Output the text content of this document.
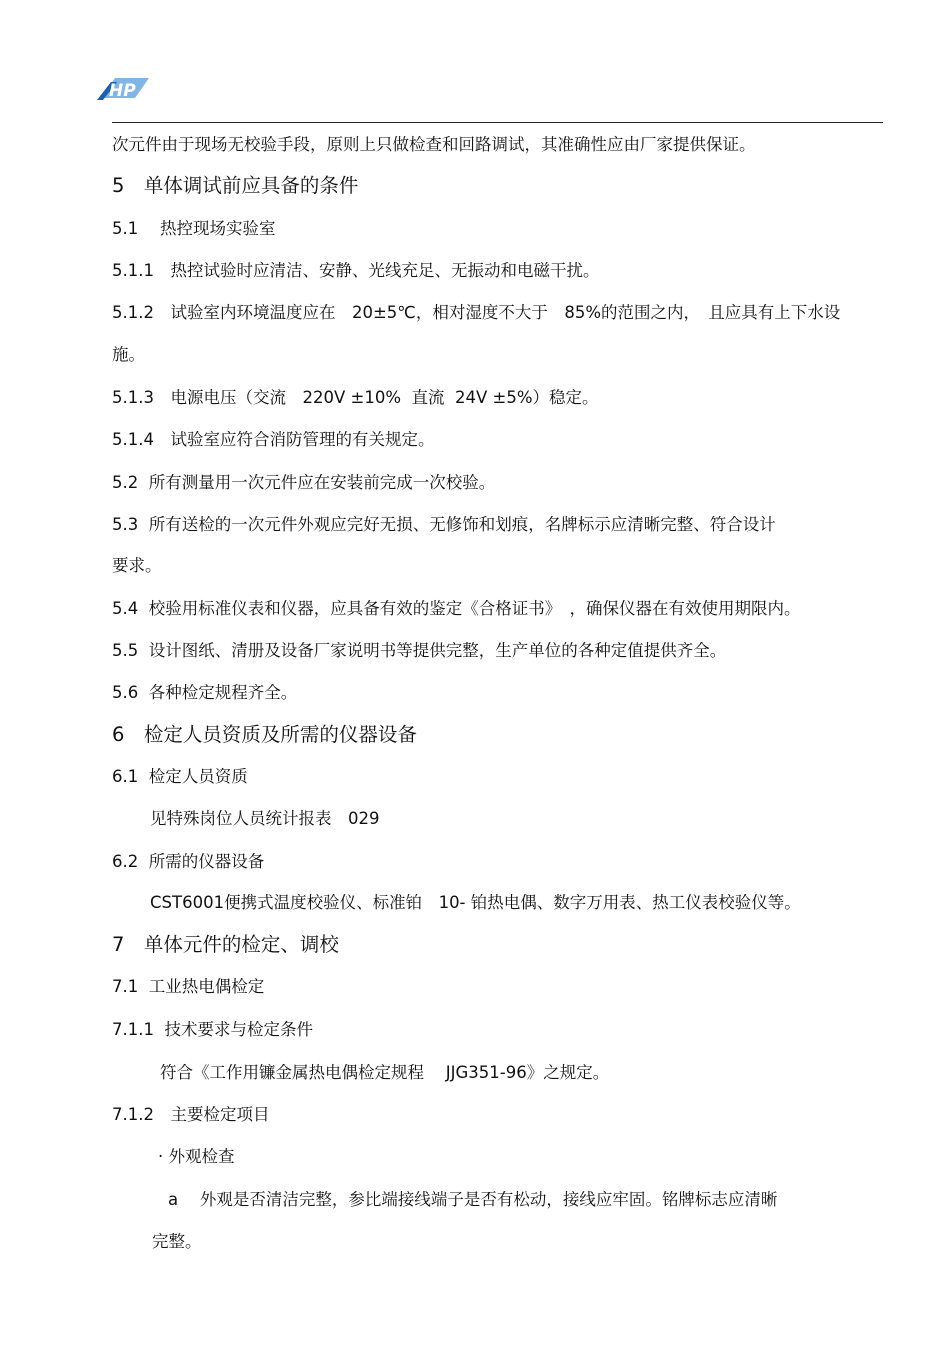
HP
次元件由于现场无校验手段，原则上只做检查和回路调试，其准确性应由厂家提供保证。
5　单体调试前应具备的条件
5.1　 热控现场实验室
5.1.1　热控试验时应清洁、安静、光线充足、无振动和电磁干扰。
5.1.2　试验室内环境温度应在　20±5℃，相对湿度不大于　85%的范围之内，　且应具有上下水设
施。
5.1.3　电源电压（交流　220V ±10%  直流  24V ±5%）稳定。
5.1.4　试验室应符合消防管理的有关规定。
5.2  所有测量用一次元件应在安装前完成一次校验。
5.3  所有送检的一次元件外观应完好无损、无修饰和划痕，名牌标示应清晰完整、符合设计
要求。
5.4  校验用标准仪表和仪器，应具备有效的鉴定《合格证书》　，确保仪器在有效使用期限内。
5.5  设计图纸、清册及设备厂家说明书等提供完整，生产单位的各种定值提供齐全。
5.6  各种检定规程齐全。
6　检定人员资质及所需的仪器设备
6.1  检定人员资质
见特殊岗位人员统计报表　029
6.2  所需的仪器设备
CST6001便携式温度校验仪、标准铂　10- 铂热电偶、数字万用表、热工仪表校验仪等。
7　单体元件的检定、调校
7.1  工业热电偶检定
7.1.1  技术要求与检定条件
符合《工作用镰金属热电偶检定规程　 JJG351-96》之规定。
7.1.2　主要检定项目
· 外观检查
a　 外观是否清洁完整，参比端接线端子是否有松动，接线应牢固。铭牌标志应清晰
完整。
